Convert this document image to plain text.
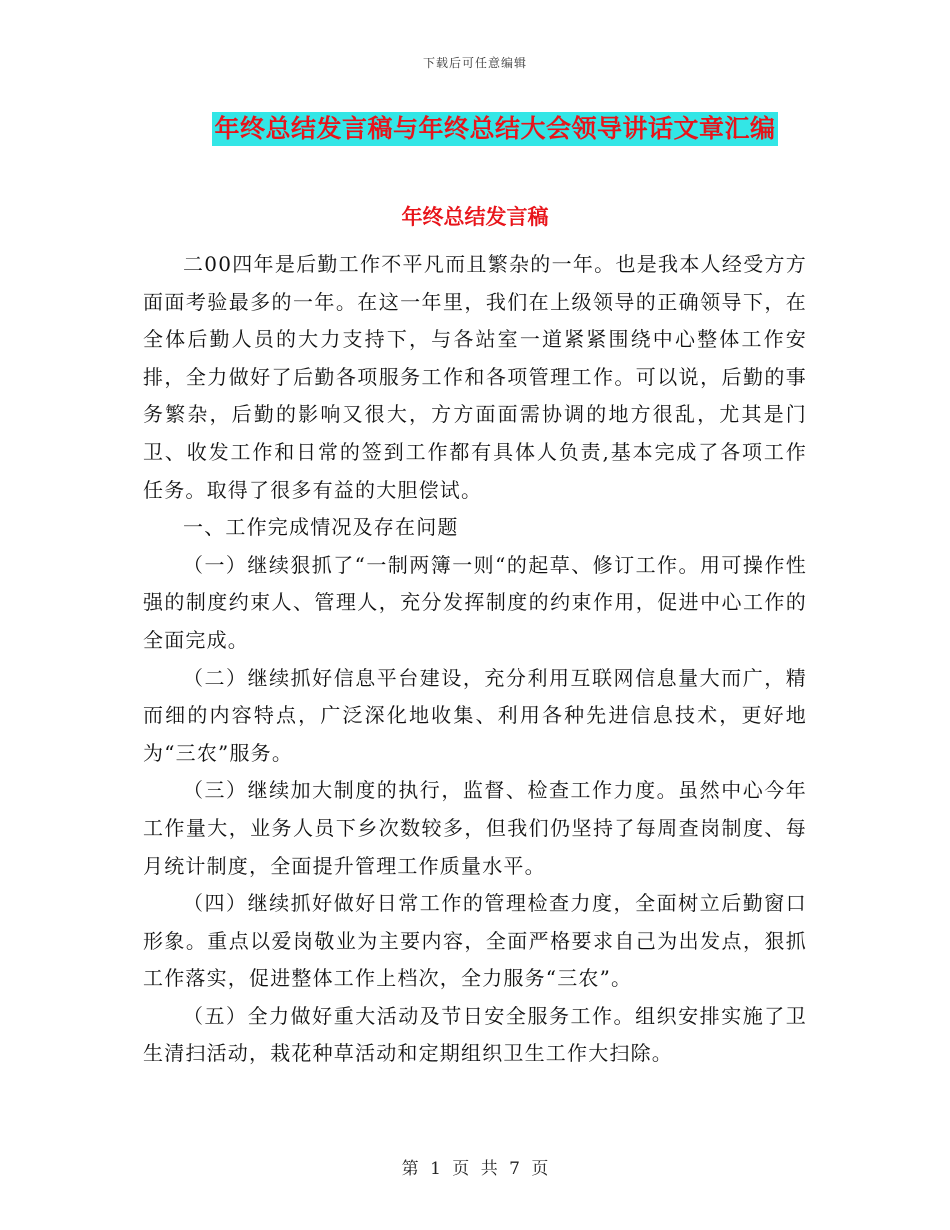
下载后可任意编辑
年终总结发言稿与年终总结大会领导讲话文章汇编
年终总结发言稿

二00四年是后勤工作不平凡而且繁杂的一年。也是我本人经受方方面面考验最多的一年。在这一年里，我们在上级领导的正确领导下，在全体后勤人员的大力支持下，与各站室一道紧紧围绕中心整体工作安排，全力做好了后勤各项服务工作和各项管理工作。可以说，后勤的事务繁杂，后勤的影响又很大，方方面面需协调的地方很乱，尤其是门卫、收发工作和日常的签到工作都有具体人负责,基本完成了各项工作任务。取得了很多有益的大胆偿试。

一、工作完成情况及存在问题

（一）继续狠抓了“一制两簿一则“的起草、修订工作。用可操作性强的制度约束人、管理人，充分发挥制度的约束作用，促进中心工作的全面完成。

（二）继续抓好信息平台建设，充分利用互联网信息量大而广，精而细的内容特点，广泛深化地收集、利用各种先进信息技术，更好地为“三农”服务。

（三）继续加大制度的执行，监督、检查工作力度。虽然中心今年工作量大，业务人员下乡次数较多，但我们仍坚持了每周查岗制度、每月统计制度，全面提升管理工作质量水平。

（四）继续抓好做好日常工作的管理检查力度，全面树立后勤窗口形象。重点以爱岗敬业为主要内容，全面严格要求自己为出发点，狠抓工作落实，促进整体工作上档次，全力服务“三农”。

（五）全力做好重大活动及节日安全服务工作。组织安排实施了卫生清扫活动，栽花种草活动和定期组织卫生工作大扫除。

第 1 页 共 7 页
